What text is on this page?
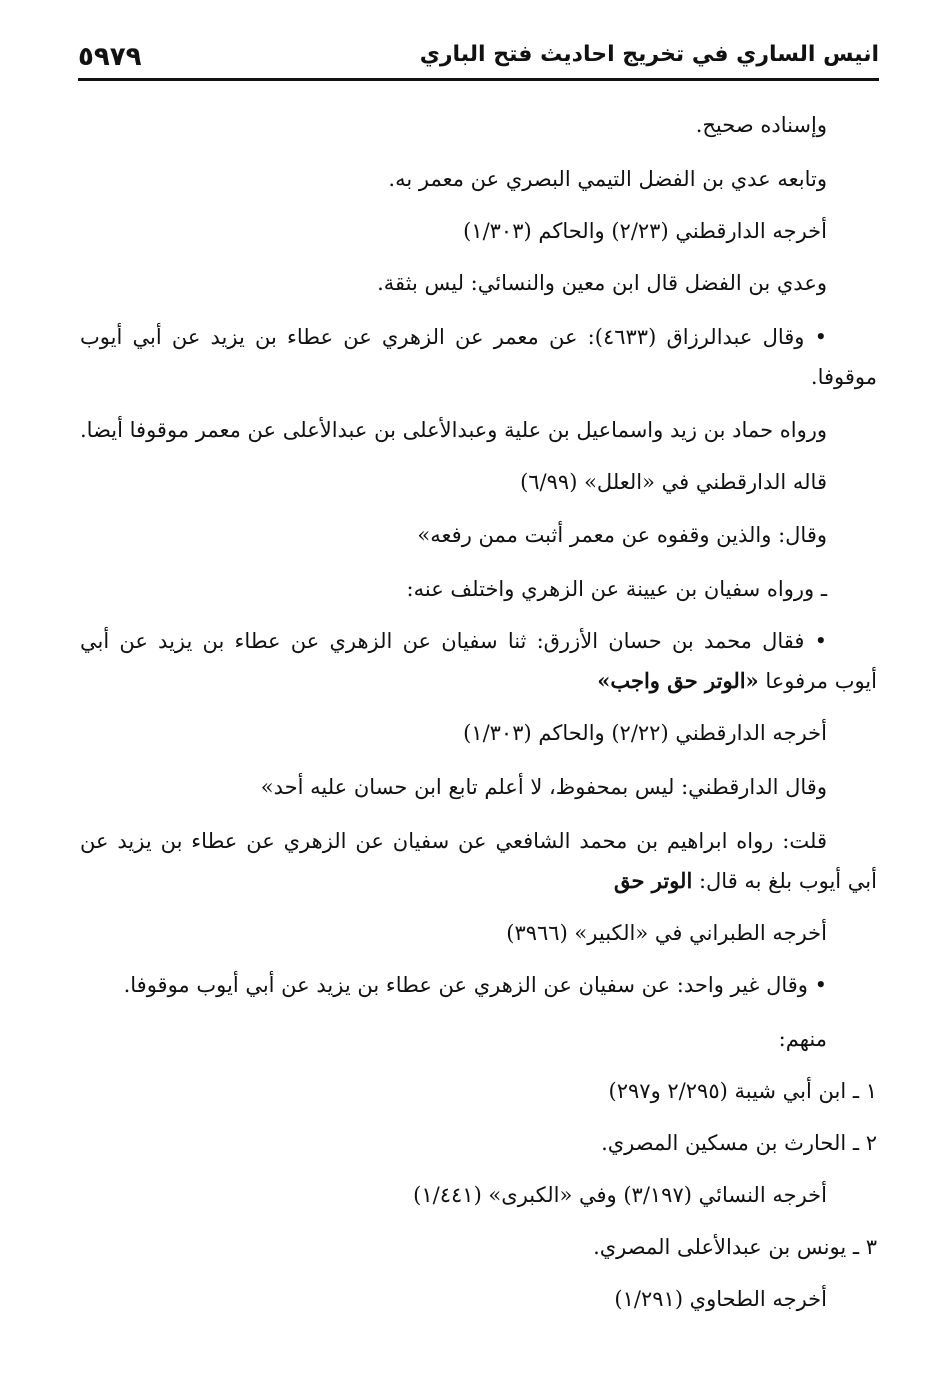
٥٩٧٩	انيس الساري في تخريج احاديث فتح الباري
وإسناده صحيح.
وتابعه عدي بن الفضل التيمي البصري عن معمر به.
أخرجه الدارقطني (٢/٢٣) والحاكم (١/٣٠٣)
وعدي بن الفضل قال ابن معين والنسائي: ليس بثقة.
• وقال عبدالرزاق (٤٦٣٣): عن معمر عن الزهري عن عطاء بن يزيد عن أبي أيوب
موقوفا.
ورواه حماد بن زيد واسماعيل بن علية وعبدالأعلى بن عبدالأعلى عن معمر موقوفا أيضا.
قاله الدارقطني في «العلل» (٦/٩٩)
وقال: والذين وقفوه عن معمر أثبت ممن رفعه»
ـ ورواه سفيان بن عيينة عن الزهري واختلف عنه:
• فقال محمد بن حسان الأزرق: ثنا سفيان عن الزهري عن عطاء بن يزيد عن أبي
أيوب مرفوعا «الوتر حق واجب»
أخرجه الدارقطني (٢/٢٢) والحاكم (١/٣٠٣)
وقال الدارقطني: ليس بمحفوظ، لا أعلم تابع ابن حسان عليه أحد»
قلت: رواه ابراهيم بن محمد الشافعي عن سفيان عن الزهري عن عطاء بن يزيد عن
أبي أيوب بلغ به قال: الوتر حق
أخرجه الطبراني في «الكبير» (٣٩٦٦)
• وقال غير واحد: عن سفيان عن الزهري عن عطاء بن يزيد عن أبي أيوب موقوفا.
منهم:
١ ـ ابن أبي شيبة (٢/٢٩٥ و٢٩٧)
٢ ـ الحارث بن مسكين المصري.
أخرجه النسائي (٣/١٩٧) وفي «الكبرى» (١/٤٤١)
٣ ـ يونس بن عبدالأعلى المصري.
أخرجه الطحاوي (١/٢٩١)
